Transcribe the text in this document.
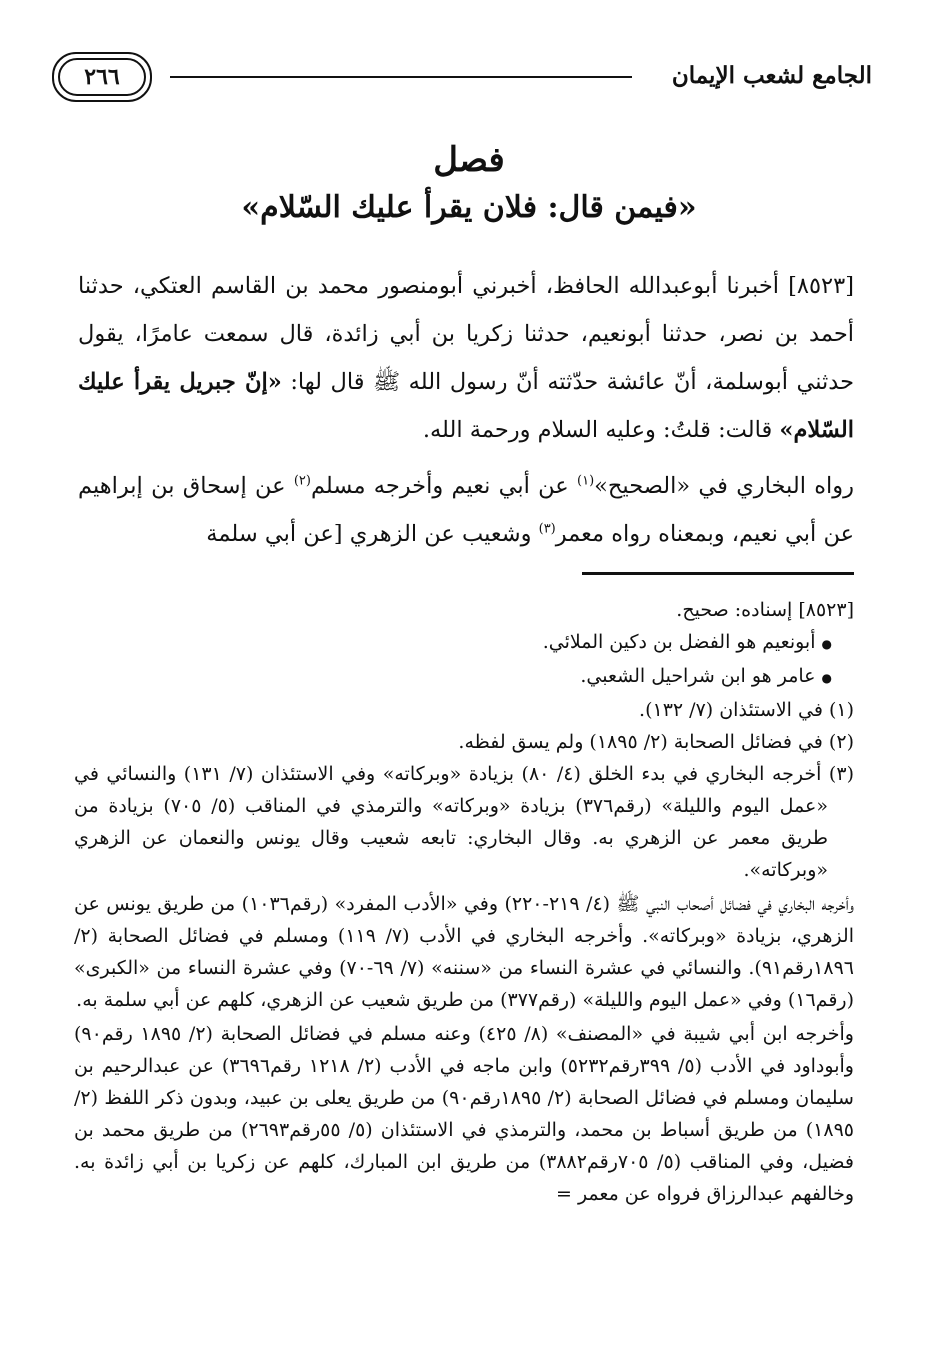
الجامع لشعب الإيمان
٢٦٦
فصل
«فيمن قال: فلان يقرأ عليك السّلام»

[٨٥٢٣] أخبرنا أبوعبدالله الحافظ، أخبرني أبومنصور محمد بن القاسم العتكي، حدثنا أحمد بن نصر، حدثنا أبونعيم، حدثنا زكريا بن أبي زائدة، قال سمعت عامرًا، يقول حدثني أبوسلمة، أنّ عائشة حدّثته أنّ رسول الله ﷺ قال لها: «إنّ جبريل يقرأ عليك السّلام» قالت: قلتُ: وعليه السلام ورحمة الله.

رواه البخاري في «الصحيح»$^{(١)}$ عن أبي نعيم وأخرجه مسلم$^{(٢)}$ عن إسحاق بن إبراهيم عن أبي نعيم، وبمعناه رواه معمر$^{(٣)}$ وشعيب عن الزهري [عن أبي سلمة

[٨٥٢٣] إسناده: صحيح.

● أبونعيم هو الفضل بن دكين الملائي.

● عامر هو ابن شراحيل الشعبي.

(١) في الاستئذان (٧/ ١٣٢).

(٢) في فضائل الصحابة (٢/ ١٨٩٥) ولم يسق لفظه.

(٣) أخرجه البخاري في بدء الخلق (٤/ ٨٠) بزيادة «وبركاته» وفي الاستئذان (٧/ ١٣١) والنسائي في «عمل اليوم والليلة» (رقم٣٧٦) بزيادة «وبركاته» والترمذي في المناقب (٥/ ٧٠٥) بزيادة من طريق معمر عن الزهري به. وقال البخاري: تابعه شعيب وقال يونس والنعمان عن الزهري «وبركاته».

وأخرجه البخاري في فضائل أصحاب النبي ﷺ (٤/ ٢١٩-٢٢٠) وفي «الأدب المفرد» (رقم١٠٣٦) من طريق يونس عن الزهري، بزيادة «وبركاته». وأخرجه البخاري في الأدب (٧/ ١١٩) ومسلم في فضائل الصحابة (٢/ ١٨٩٦رقم٩١). والنسائي في عشرة النساء من «سننه» (٧/ ٦٩-٧٠) وفي عشرة النساء من «الكبرى» (رقم١٦) وفي «عمل اليوم والليلة» (رقم٣٧٧) من طريق شعيب عن الزهري، كلهم عن أبي سلمة به.

وأخرجه ابن أبي شيبة في «المصنف» (٨/ ٤٢٥) وعنه مسلم في فضائل الصحابة (٢/ ١٨٩٥ رقم٩٠) وأبوداود في الأدب (٥/ ٣٩٩رقم٥٢٣٢) وابن ماجه في الأدب (٢/ ١٢١٨ رقم٣٦٩٦) عن عبدالرحيم بن سليمان ومسلم في فضائل الصحابة (٢/ ١٨٩٥رقم٩٠) من طريق يعلى بن عبيد، وبدون ذكر اللفظ (٢/ ١٨٩٥) من طريق أسباط بن محمد، والترمذي في الاستئذان (٥/ ٥٥رقم٢٦٩٣) من طريق محمد بن فضيل، وفي المناقب (٥/ ٧٠٥رقم٣٨٨٢) من طريق ابن المبارك، كلهم عن زكريا بن أبي زائدة به. وخالفهم عبدالرزاق فرواه عن معمر =
